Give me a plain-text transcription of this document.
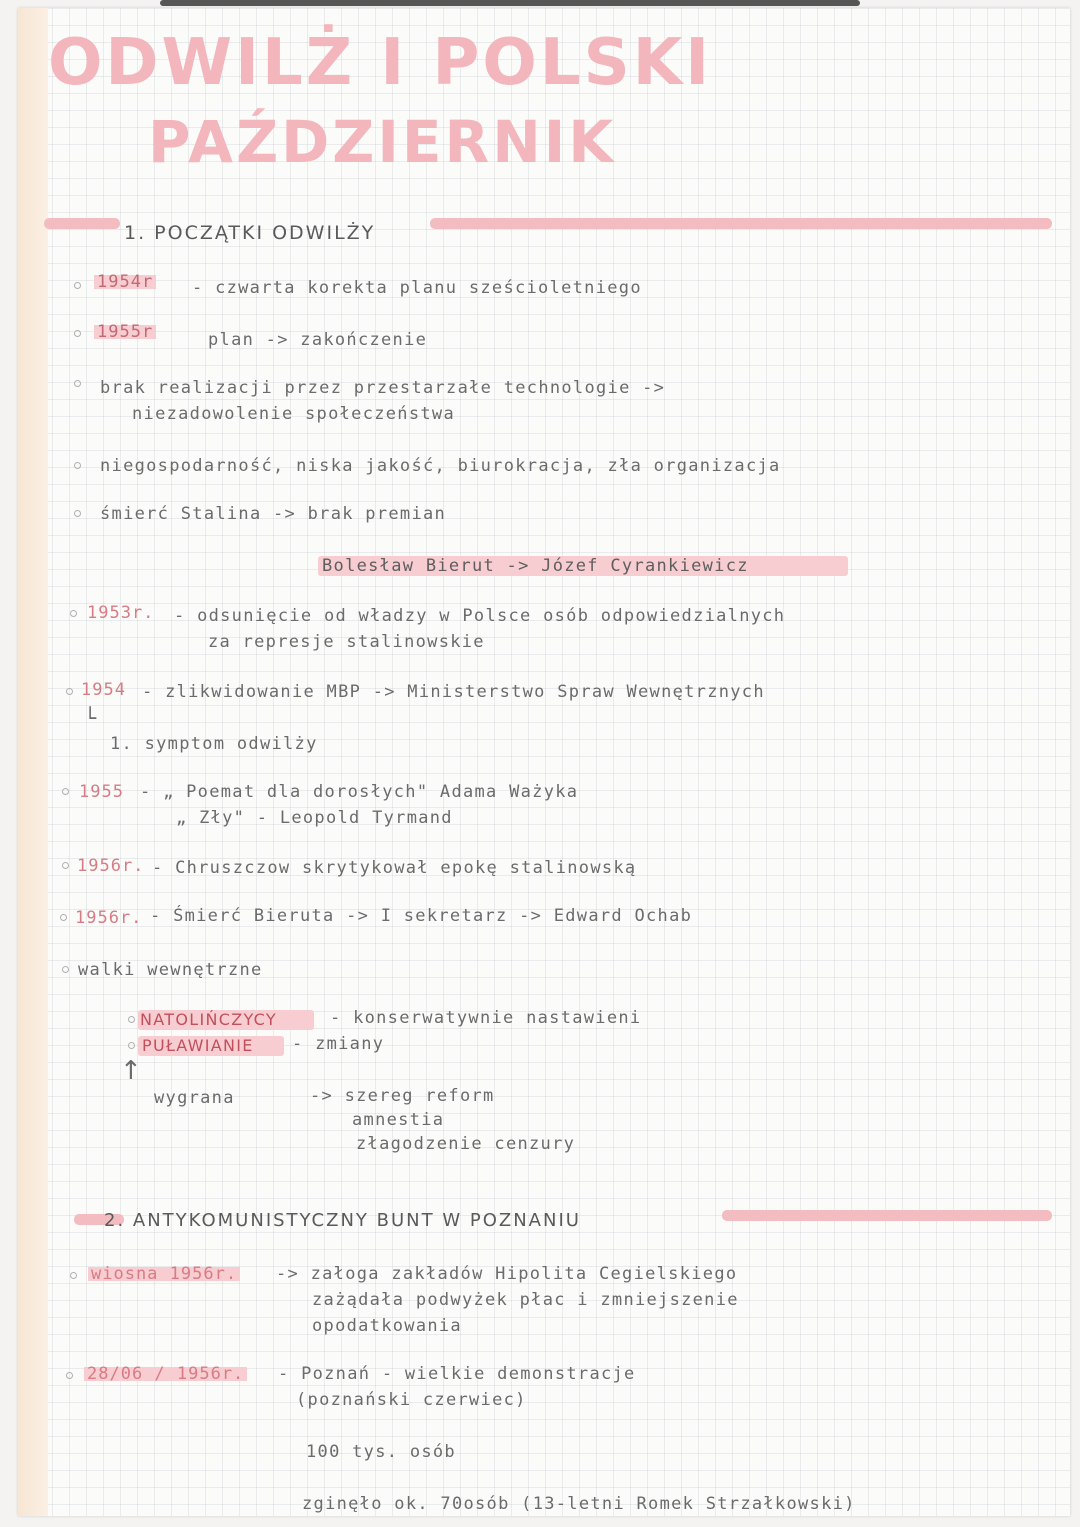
ODWILŻ I POLSKI
PAŹDZIERNIK
1. POCZĄTKI ODWILŻY
1954r - czwarta korekta planu sześcioletniego
1955r	plan -> zakończenie
brak realizacji przez przestarzałe technologie ->
niezadowolenie społeczeństwa
niegospodarność, niska jakość, biurokracja, zła organizacja
śmierć Stalina -> brak premian
Bolesław Bierut -> Józef Cyrankiewicz
1953r. - odsunięcie od władzy w Polsce osób odpowiedzialnych
za represje stalinowskie
1954 - zlikwidowanie MBP -> Ministerstwo Spraw Wewnętrznych
└
1. symptom odwilży
1955 - „ Poemat dla dorosłych" Adama Ważyka
„ Zły" - Leopold Tyrmand
1956r. - Chruszczow skrytykował epokę stalinowską
1956r. - Śmierć Bieruta -> I sekretarz -> Edward Ochab
walki wewnętrzne
NATOLIŃCZYCY	- konserwatywnie nastawieni
PUŁAWIANIE - zmiany
↑
wygrana	-> szereg reform
amnestia
złagodzenie cenzury
2. ANTYKOMUNISTYCZNY BUNT W POZNANIU
wiosna 1956r. -> załoga zakładów Hipolita Cegielskiego
zażądała podwyżek płac i zmniejszenie
opodatkowania
28/06 / 1956r. - Poznań - wielkie demonstracje
(poznański czerwiec)
100 tys. osób
zginęło ok. 70osób (13-letni Romek Strzałkowski)
